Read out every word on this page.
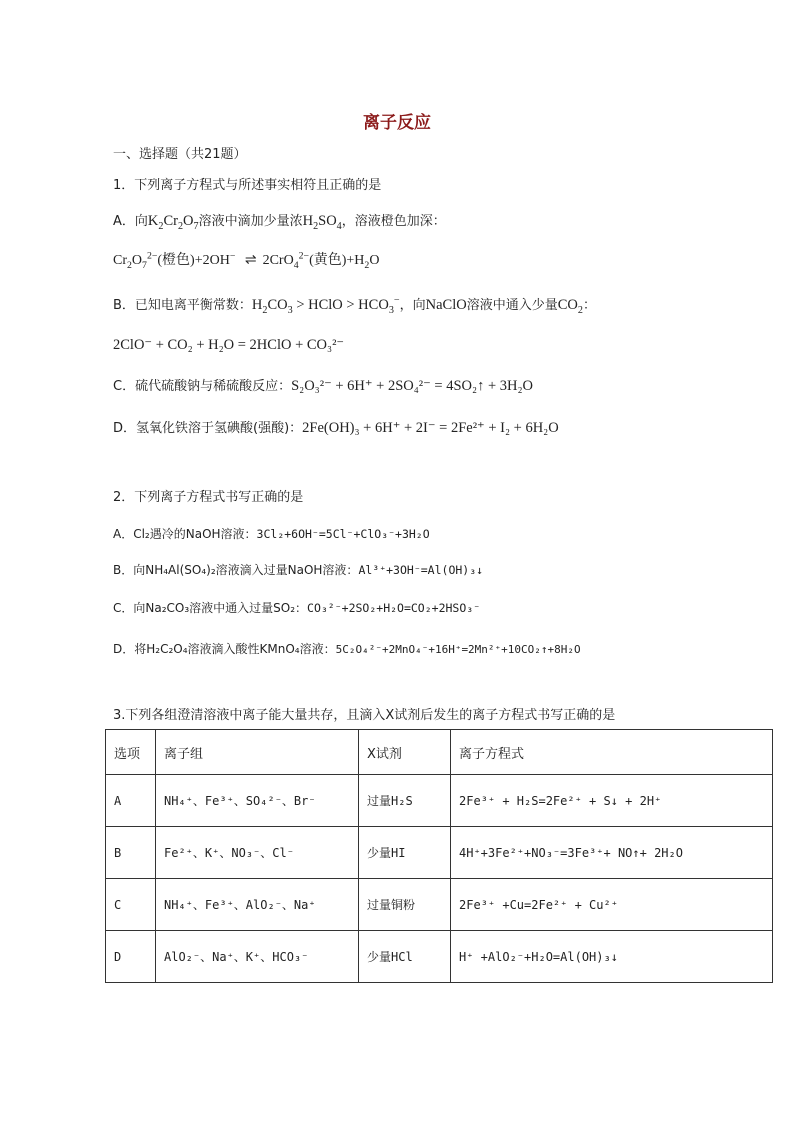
离子反应
一、选择题（共21题）
1．下列离子方程式与所述事实相符且正确的是
A．向$K_2Cr_2O_7$溶液中滴加少量浓$H_2SO_4$，溶液橙色加深：
$Cr_2O_7^{2-}$(橙色)+2OH− ⇌ 2CrO$_4^{2-}$(黄色)$+H_2O$
B．已知电离平衡常数：$H_2CO_3$ > HClO > $HCO_3^-$，向NaClO溶液中通入少量$CO_2$：
2ClO⁻ + CO₂ + H₂O = 2HClO + CO₃²⁻
C．硫代硫酸钠与稀硫酸反应：S₂O₃²⁻ + 6H⁺ + 2SO₄²⁻ = 4SO₂↑ + 3H₂O
D．氢氧化铁溶于氢碘酸(强酸)：2Fe(OH)₃ + 6H⁺ + 2I⁻ = 2Fe²⁺ + I₂ + 6H₂O
2．下列离子方程式书写正确的是
A．Cl₂遇冷的NaOH溶液：3Cl₂+6OH⁻=5Cl⁻+ClO₃⁻+3H₂O
B．向NH₄Al(SO₄)₂溶液滴入过量NaOH溶液：Al³⁺+3OH⁻=Al(OH)₃↓
C．向Na₂CO₃溶液中通入过量SO₂：CO₃²⁻+2SO₂+H₂O=CO₂+2HSO₃⁻
D．将H₂C₂O₄溶液滴入酸性KMnO₄溶液：5C₂O₄²⁻+2MnO₄⁻+16H⁺=2Mn²⁺+10CO₂↑+8H₂O
3.下列各组澄清溶液中离子能大量共存，且滴入X试剂后发生的离子方程式书写正确的是
选项	离子组	X试剂	离子方程式
A	NH₄⁺、Fe³⁺、SO₄²⁻、Br⁻	过量H₂S	2Fe³⁺ + H₂S=2Fe²⁺ + S↓ + 2H⁺
B	Fe²⁺、K⁺、NO₃⁻、Cl⁻	少量HI	4H⁺+3Fe²⁺+NO₃⁻=3Fe³⁺+ NO↑+ 2H₂O
C	NH₄⁺、Fe³⁺、AlO₂⁻、Na⁺	过量铜粉	2Fe³⁺ +Cu=2Fe²⁺ + Cu²⁺
D	AlO₂⁻、Na⁺、K⁺、HCO₃⁻	少量HCl	H⁺ +AlO₂⁻+H₂O=Al(OH)₃↓
